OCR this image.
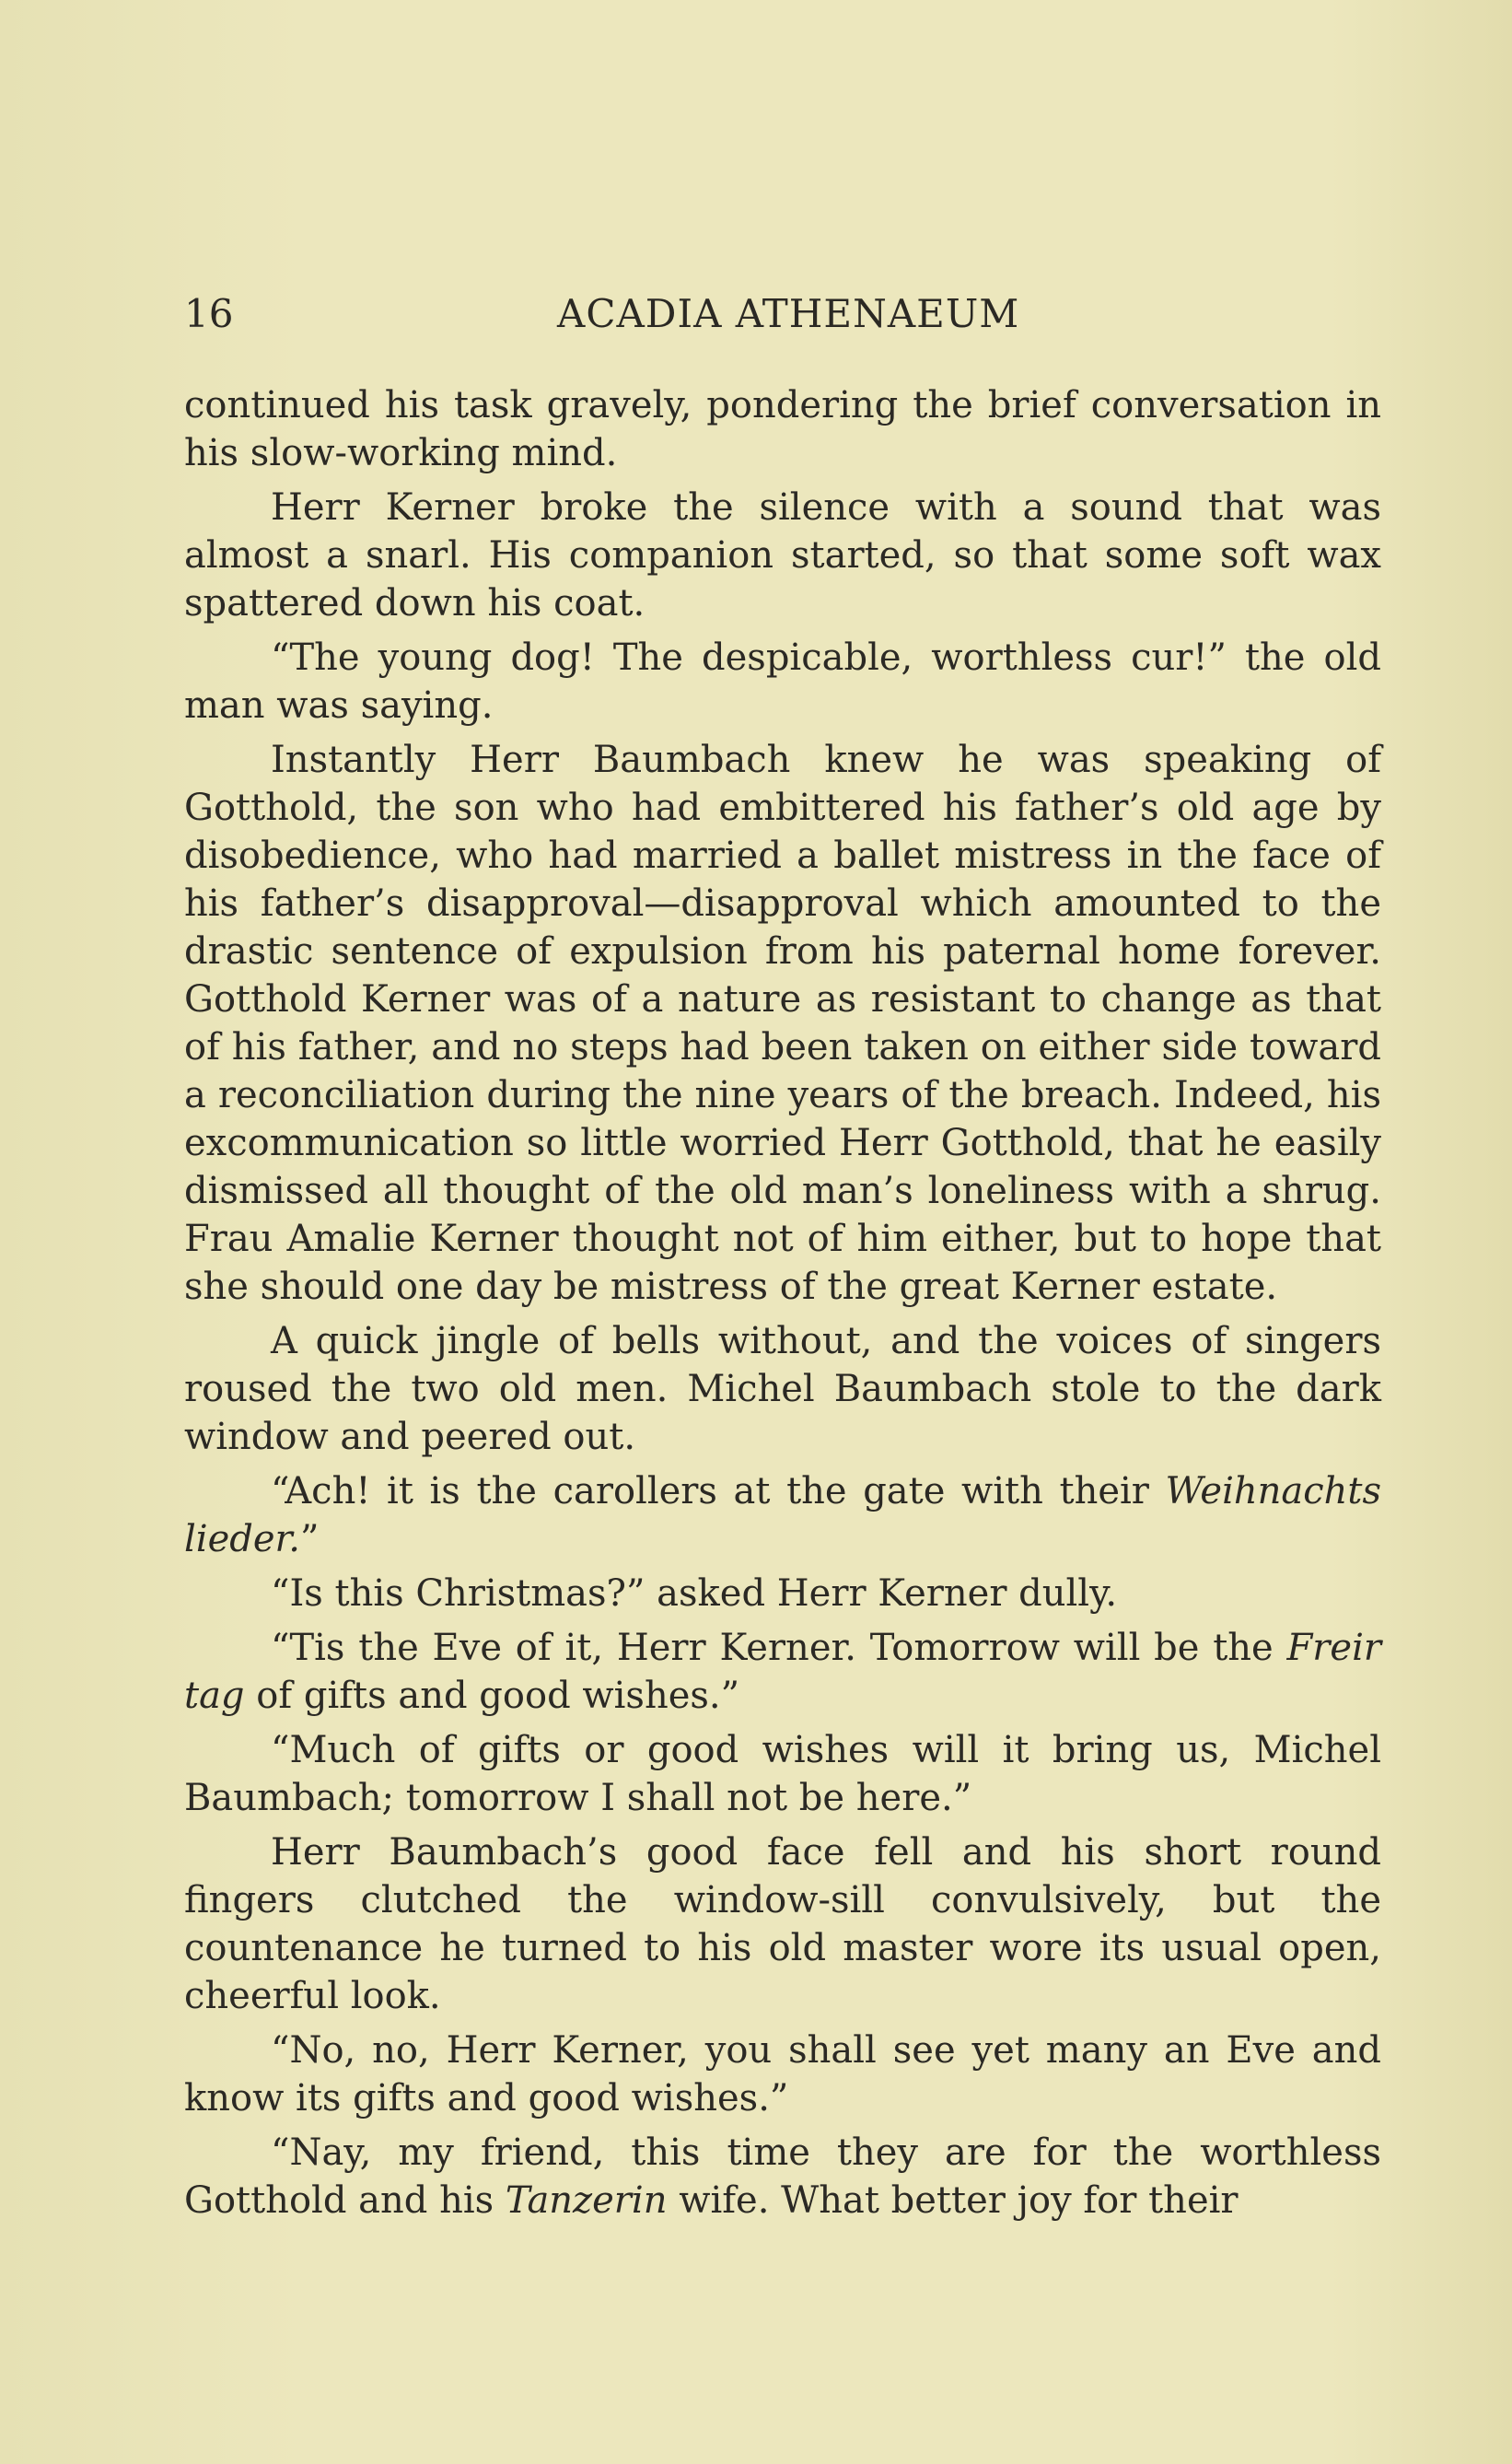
16	ACADIA ATHENAEUM

continued his task gravely, pondering the brief conversation in his slow-working mind.

Herr Kerner broke the silence with a sound that was almost a snarl. His companion started, so that some soft wax spattered down his coat.

“The young dog! The despicable, worthless cur!” the old man was saying.

Instantly Herr Baumbach knew he was speaking of Gotthold, the son who had embittered his father’s old age by disobedience, who had married a ballet mistress in the face of his father’s disapproval—disapproval which amounted to the drastic sentence of expulsion from his paternal home forever. Gotthold Kerner was of a nature as resistant to change as that of his father, and no steps had been taken on either side toward a reconciliation during the nine years of the breach. Indeed, his excommunication so little worried Herr Gotthold, that he easily dismissed all thought of the old man’s loneliness with a shrug. Frau Amalie Kerner thought not of him either, but to hope that she should one day be mistress of the great Kerner estate.

A quick jingle of bells without, and the voices of singers roused the two old men. Michel Baumbach stole to the dark window and peered out.

“Ach! it is the carollers at the gate with their Weihnachts lieder.”

“Is this Christmas?” asked Herr Kerner dully.

“Tis the Eve of it, Herr Kerner. Tomorrow will be the Freir tag of gifts and good wishes.”

“Much of gifts or good wishes will it bring us, Michel Baumbach; tomorrow I shall not be here.”

Herr Baumbach’s good face fell and his short round fingers clutched the window-sill convulsively, but the countenance he turned to his old master wore its usual open, cheerful look.

“No, no, Herr Kerner, you shall see yet many an Eve and know its gifts and good wishes.”

“Nay, my friend, this time they are for the worthless Gotthold and his Tanzerin wife. What better joy for their
